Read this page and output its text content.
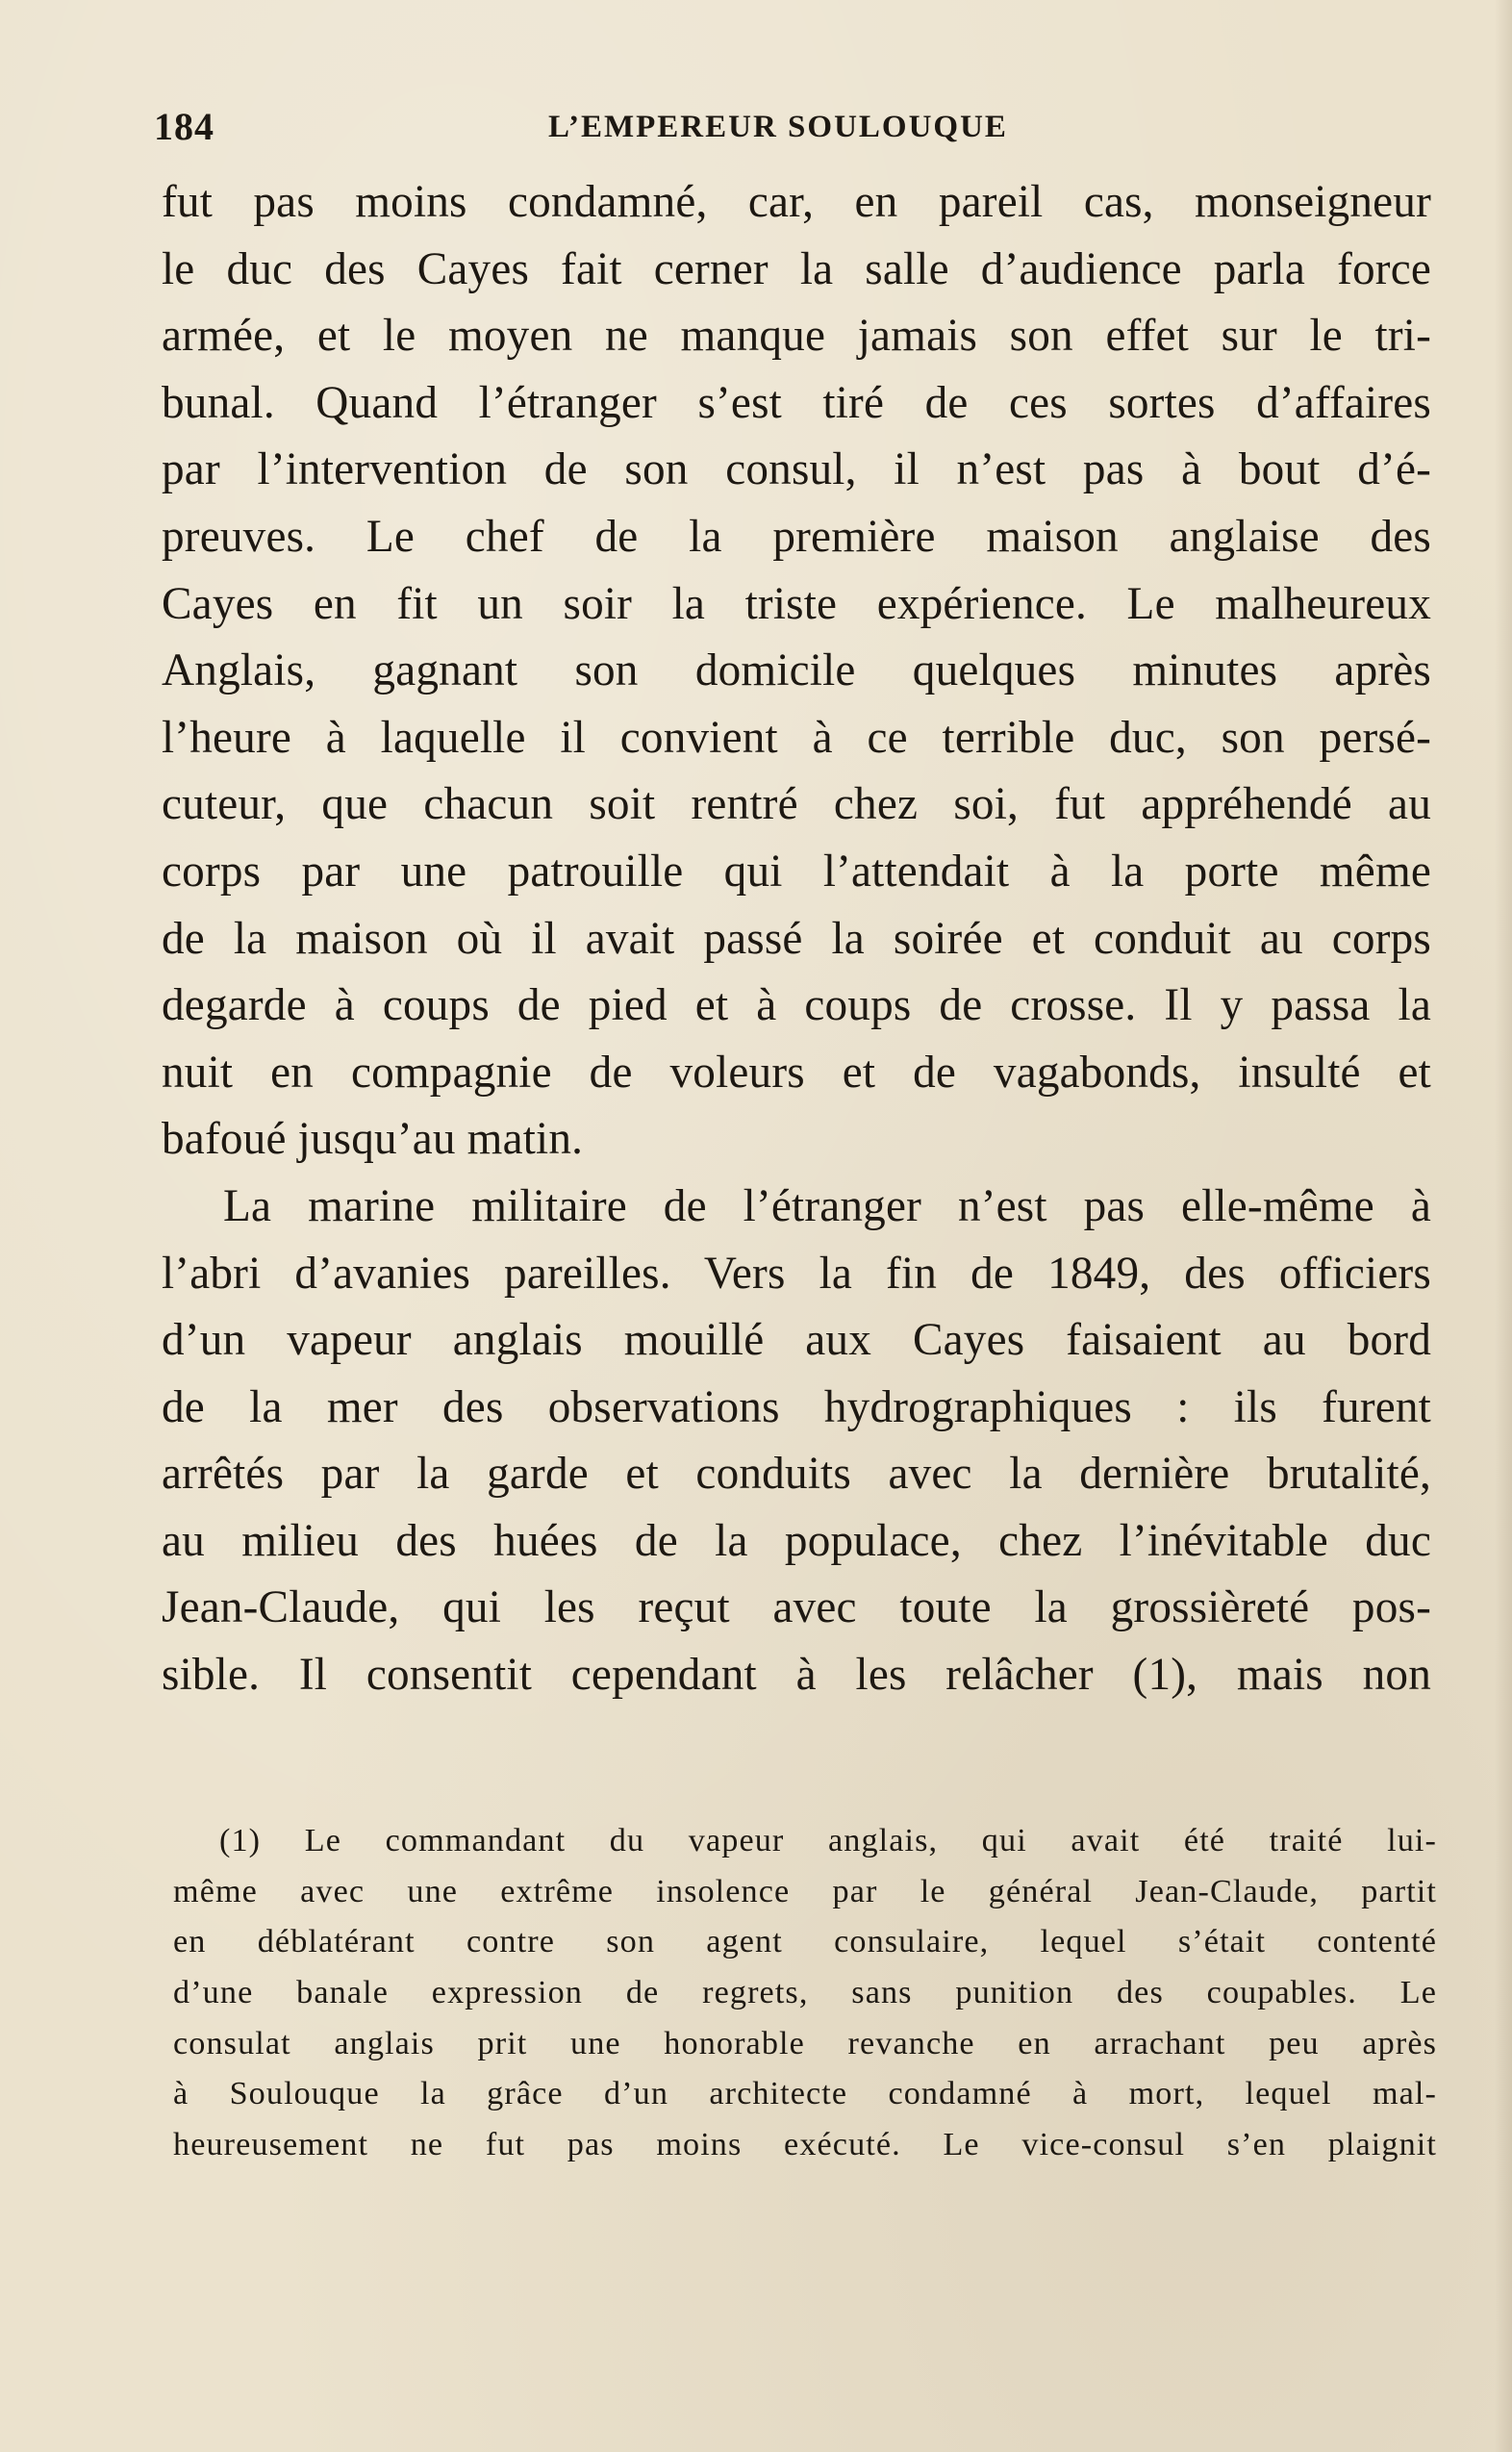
184	L’EMPEREUR SOULOUQUE
fut pas moins condamné, car, en pareil cas, monseigneur
le duc des Cayes fait cerner la salle d’audience parla force
armée, et le moyen ne manque jamais son effet sur le tri-
bunal. Quand l’étranger s’est tiré de ces sortes d’affaires
par l’intervention de son consul, il n’est pas à bout d’é-
preuves. Le chef de la première maison anglaise des
Cayes en fit un soir la triste expérience. Le malheureux
Anglais, gagnant son domicile quelques minutes après
l’heure à laquelle il convient à ce terrible duc, son persé-
cuteur, que chacun soit rentré chez soi, fut appréhendé au
corps par une patrouille qui l’attendait à la porte même
de la maison où il avait passé la soirée et conduit au corps
degarde à coups de pied et à coups de crosse. Il y passa la
nuit en compagnie de voleurs et de vagabonds, insulté et
bafoué jusqu’au matin.
La marine militaire de l’étranger n’est pas elle-même à
l’abri d’avanies pareilles. Vers la fin de 1849, des officiers
d’un vapeur anglais mouillé aux Cayes faisaient au bord
de la mer des observations hydrographiques : ils furent
arrêtés par la garde et conduits avec la dernière brutalité,
au milieu des huées de la populace, chez l’inévitable duc
Jean-Claude, qui les reçut avec toute la grossièreté pos-
sible. Il consentit cependant à les relâcher (1), mais non
(1) Le commandant du vapeur anglais, qui avait été traité lui-
même avec une extrême insolence par le général Jean-Claude, partit
en déblatérant contre son agent consulaire, lequel s’était contenté
d’une banale expression de regrets, sans punition des coupables. Le
consulat anglais prit une honorable revanche en arrachant peu après
à Soulouque la grâce d’un architecte condamné à mort, lequel mal-
heureusement ne fut pas moins exécuté. Le vice-consul s’en plaignit
